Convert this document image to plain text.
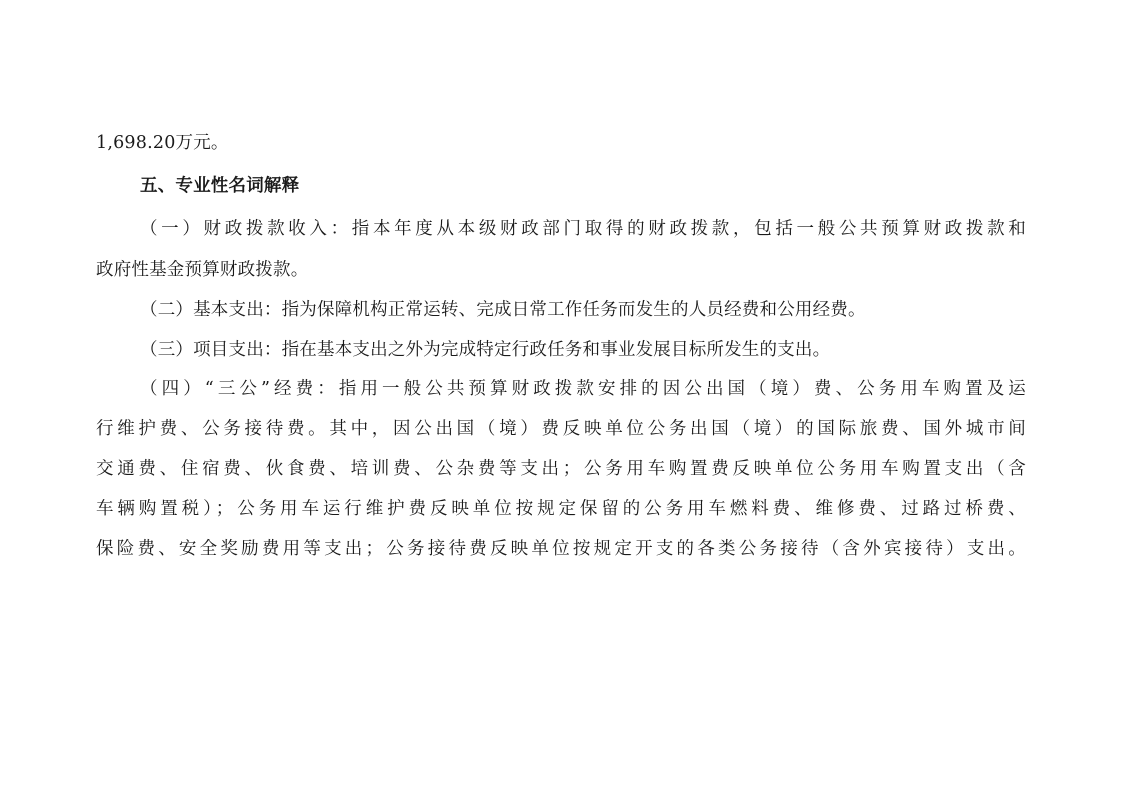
1,698.20万元。
五、专业性名词解释
（一）财政拨款收入：指本年度从本级财政部门取得的财政拨款，包括一般公共预算财政拨款和
政府性基金预算财政拨款。
（二）基本支出：指为保障机构正常运转、完成日常工作任务而发生的人员经费和公用经费。
（三）项目支出：指在基本支出之外为完成特定行政任务和事业发展目标所发生的支出。
（四）“三公”经费：指用一般公共预算财政拨款安排的因公出国（境）费、公务用车购置及运
行维护费、公务接待费。其中，因公出国（境）费反映单位公务出国（境）的国际旅费、国外城市间
交通费、住宿费、伙食费、培训费、公杂费等支出；公务用车购置费反映单位公务用车购置支出（含
车辆购置税）；公务用车运行维护费反映单位按规定保留的公务用车燃料费、维修费、过路过桥费、
保险费、安全奖励费用等支出；公务接待费反映单位按规定开支的各类公务接待（含外宾接待）支出。
